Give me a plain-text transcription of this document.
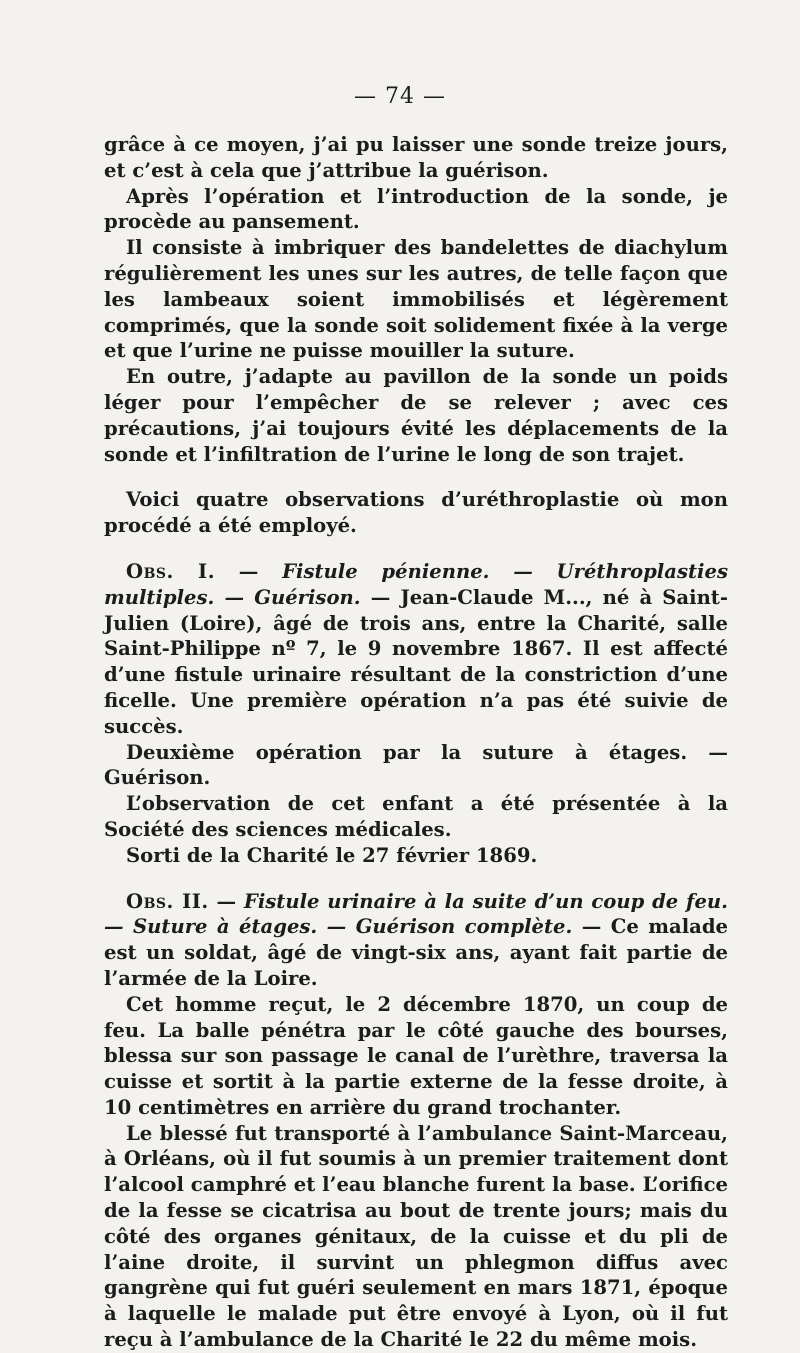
— 74 —

grâce à ce moyen, j’ai pu laisser une sonde treize jours, et c’est à cela que j’attribue la guérison.

Après l’opération et l’introduction de la sonde, je procède au pansement.

Il consiste à imbriquer des bandelettes de diachylum régulièrement les unes sur les autres, de telle façon que les lambeaux soient immobilisés et légèrement comprimés, que la sonde soit solidement fixée à la verge et que l’urine ne puisse mouiller la suture.

En outre, j’adapte au pavillon de la sonde un poids léger pour l’empêcher de se relever ; avec ces précautions, j’ai toujours évité les déplacements de la sonde et l’infiltration de l’urine le long de son trajet.

Voici quatre observations d’uréthroplastie où mon procédé a été employé.

Obs. I. — Fistule pénienne. — Uréthroplasties multiples. — Guérison. — Jean-Claude M..., né à Saint-Julien (Loire), âgé de trois ans, entre la Charité, salle Saint-Philippe nº 7, le 9 novembre 1867. Il est affecté d’une fistule urinaire résultant de la constriction d’une ficelle. Une première opération n’a pas été suivie de succès.

Deuxième opération par la suture à étages. — Guérison.

L’observation de cet enfant a été présentée à la Société des sciences médicales.

Sorti de la Charité le 27 février 1869.

Obs. II. — Fistule urinaire à la suite d’un coup de feu. — Suture à étages. — Guérison complète. — Ce malade est un soldat, âgé de vingt-six ans, ayant fait partie de l’armée de la Loire.

Cet homme reçut, le 2 décembre 1870, un coup de feu. La balle pénétra par le côté gauche des bourses, blessa sur son passage le canal de l’urèthre, traversa la cuisse et sortit à la partie externe de la fesse droite, à 10 centimètres en arrière du grand trochanter.

Le blessé fut transporté à l’ambulance Saint-Marceau, à Orléans, où il fut soumis à un premier traitement dont l’alcool camphré et l’eau blanche furent la base. L’orifice de la fesse se cicatrisa au bout de trente jours; mais du côté des organes génitaux, de la cuisse et du pli de l’aine droite, il survint un phlegmon diffus avec gangrène qui fut guéri seulement en mars 1871, époque à laquelle le malade put être envoyé à Lyon, où il fut reçu à l’ambulance de la Charité le 22 du même mois.
